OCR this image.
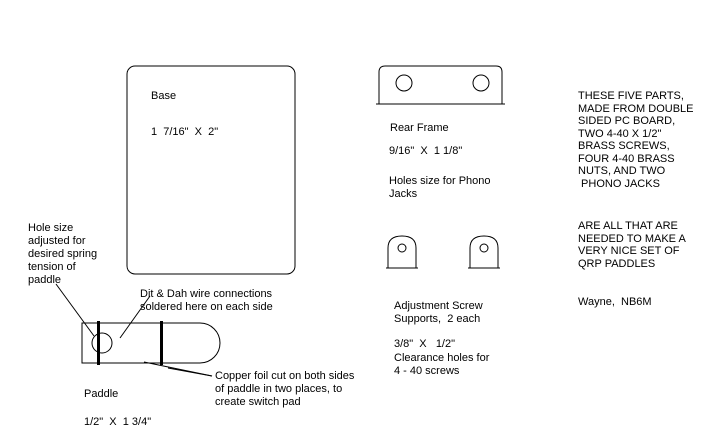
Base
1  7/16"  X  2"	Rear Frame
9/16"  X  1 1/8"
Holes size for Phono
Jacks
Adjustment Screw
Supports,  2 each
3/8"  X   1/2"
Clearance holes for
4 - 40 screws
Hole size
adjusted for
desired spring
tension of
paddle
Dit & Dah wire connections
soldered here on each side
Copper foil cut on both sides
of paddle in two places, to
create switch pad
Paddle
1/2"  X  1 3/4"
THESE FIVE PARTS,
MADE FROM DOUBLE
SIDED PC BOARD,
TWO 4-40 X 1/2"
BRASS SCREWS,
FOUR 4-40 BRASS
NUTS, AND TWO
PHONO JACKS
ARE ALL THAT ARE
NEEDED TO MAKE A
VERY NICE SET OF
QRP PADDLES
Wayne,  NB6M
